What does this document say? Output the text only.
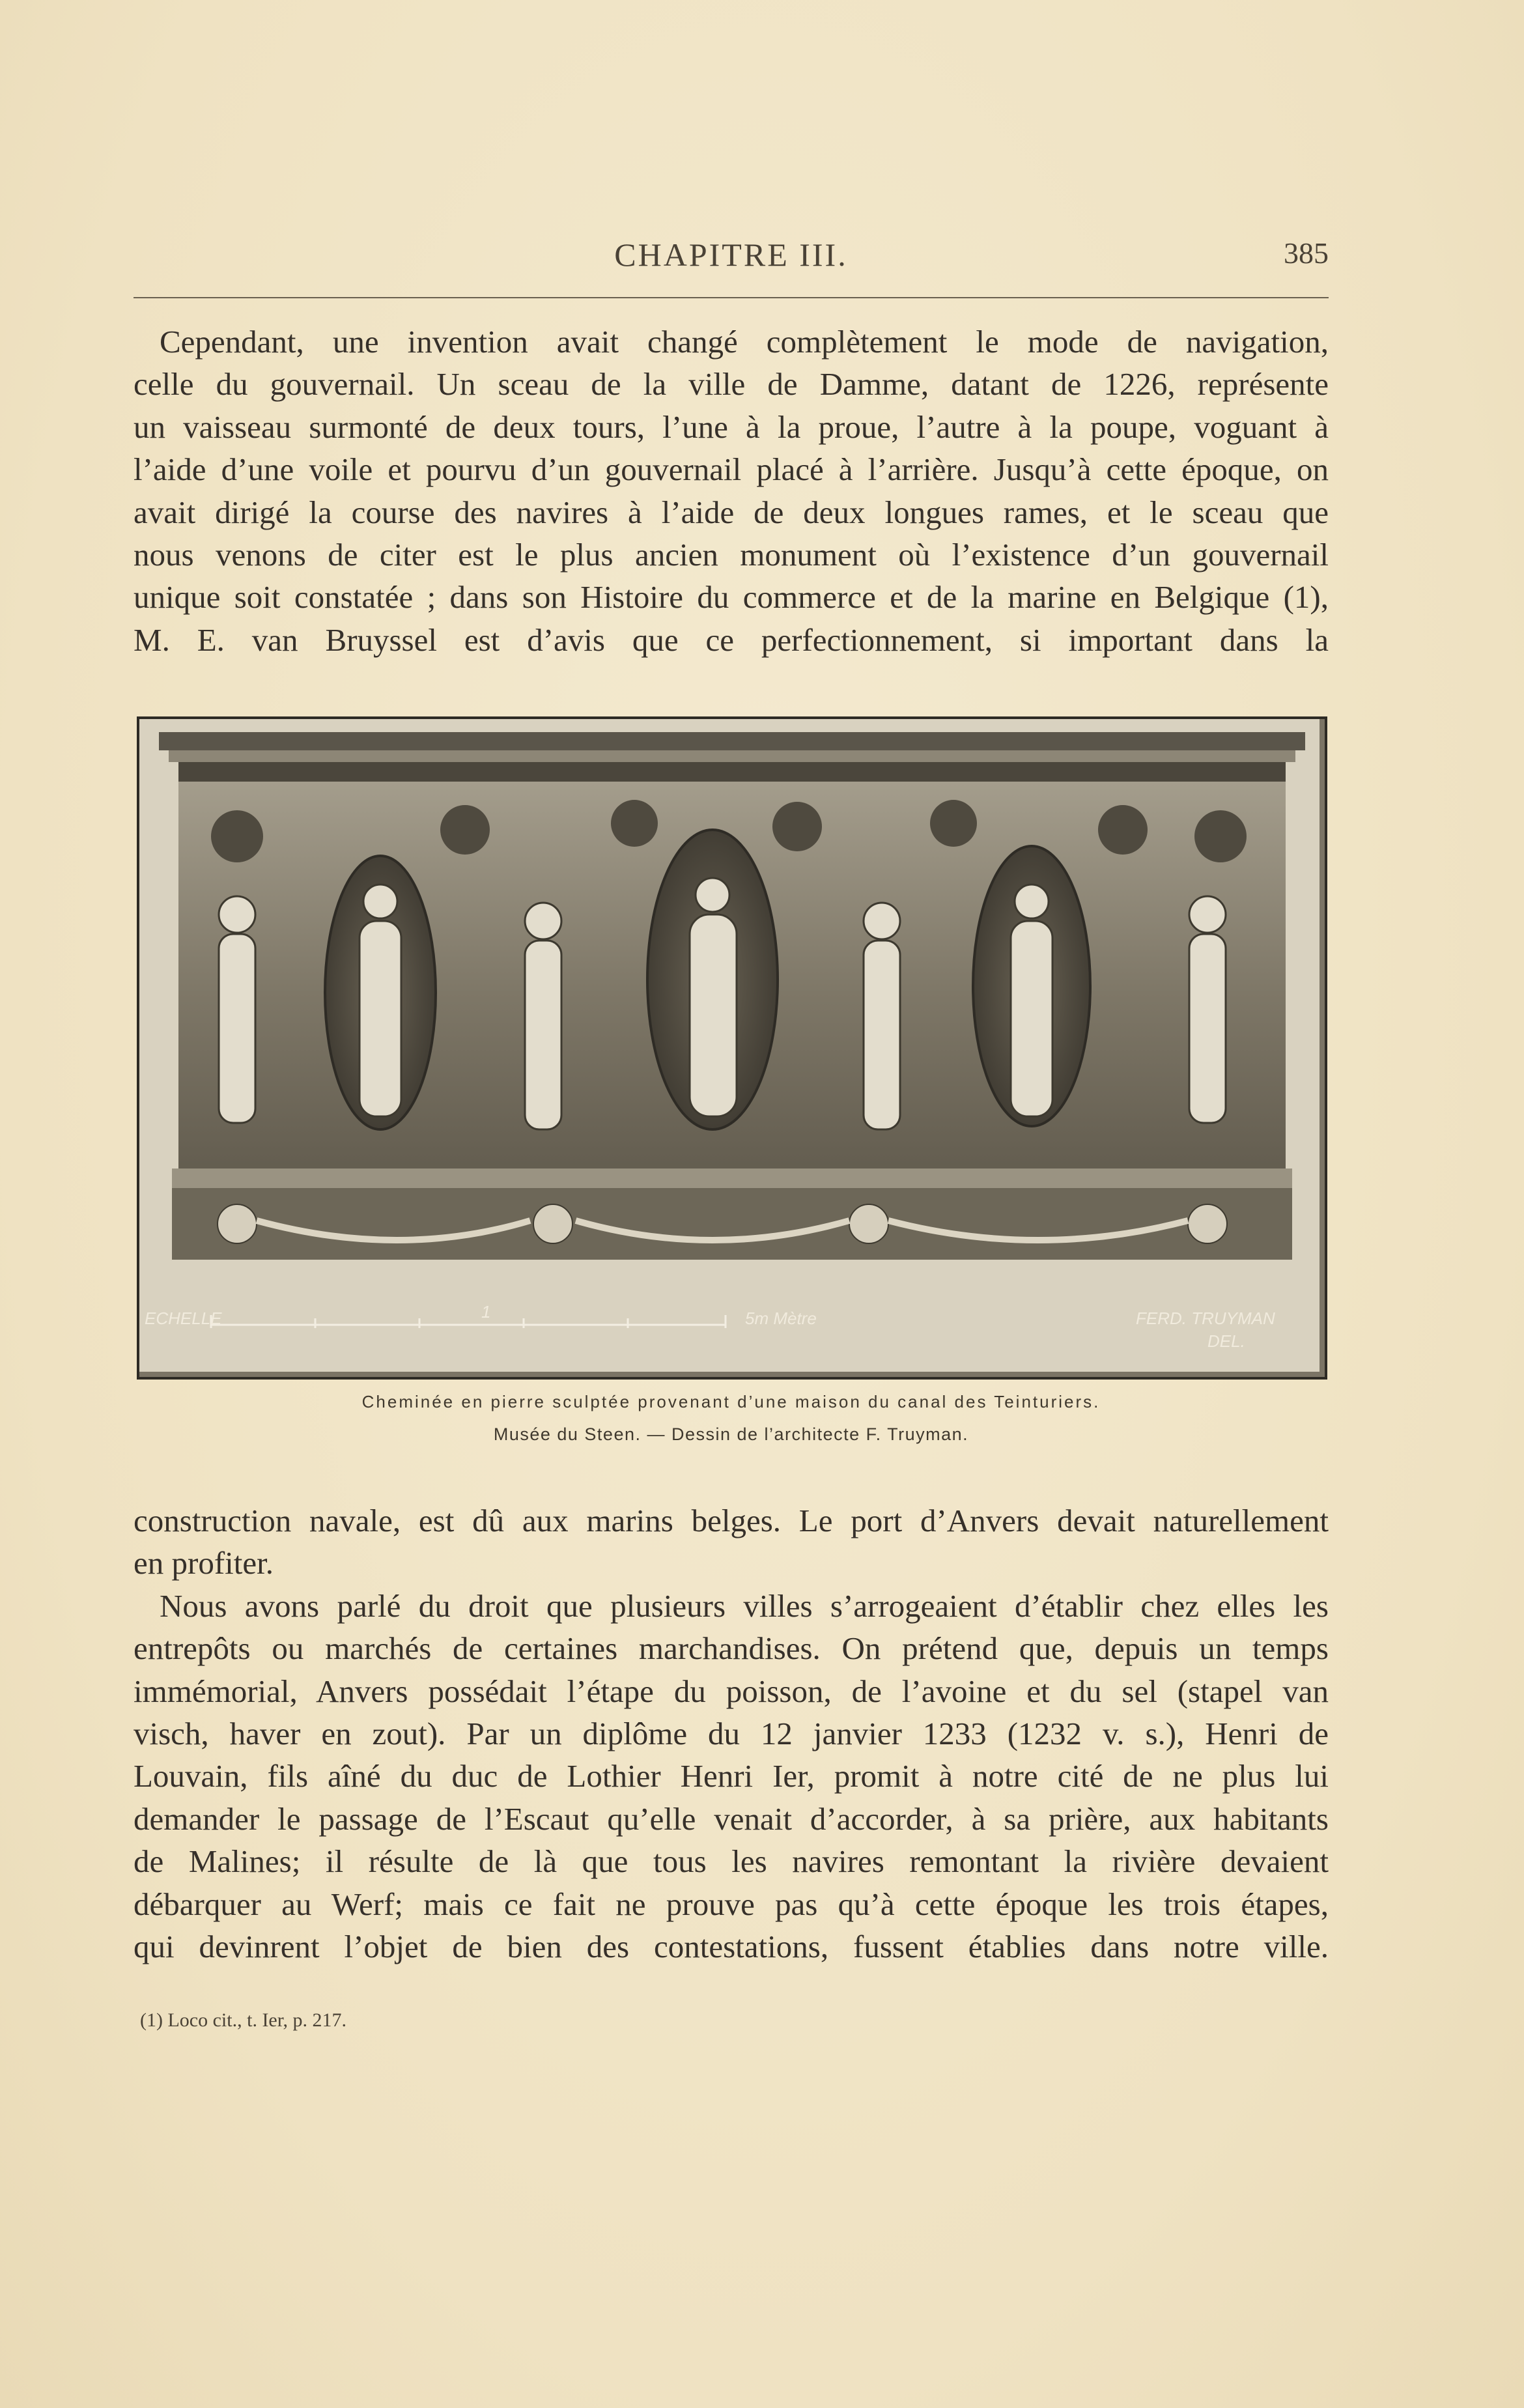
CHAPITRE III.	385
Cependant, une invention avait changé complètement le mode de navigation,
celle du gouvernail. Un sceau de la ville de Damme, datant de 1226, représente
un vaisseau surmonté de deux tours, l’une à la proue, l’autre à la poupe, voguant à
l’aide d’une voile et pourvu d’un gouvernail placé à l’arrière. Jusqu’à cette époque, on
avait dirigé la course des navires à l’aide de deux longues rames, et le sceau que
nous venons de citer est le plus ancien monument où l’existence d’un gouvernail
unique soit constatée ; dans son Histoire du commerce et de la marine en Belgique (1),
M. E. van Bruyssel est d’avis que ce perfectionnement, si important dans la
ECHELLE	1	5m Mètre	FERD. TRUYMAN
DEL.
Cheminée en pierre sculptée provenant d’une maison du canal des Teinturiers.
Musée du Steen. — Dessin de l’architecte F. Truyman.
construction navale, est dû aux marins belges. Le port d’Anvers devait naturellement
en profiter.
Nous avons parlé du droit que plusieurs villes s’arrogeaient d’établir chez elles les
entrepôts ou marchés de certaines marchandises. On prétend que, depuis un temps
immémorial, Anvers possédait l’étape du poisson, de l’avoine et du sel (stapel van
visch, haver en zout). Par un diplôme du 12 janvier 1233 (1232 v. s.), Henri de
Louvain, fils aîné du duc de Lothier Henri Ier, promit à notre cité de ne plus lui
demander le passage de l’Escaut qu’elle venait d’accorder, à sa prière, aux habitants
de Malines; il résulte de là que tous les navires remontant la rivière devaient
débarquer au Werf; mais ce fait ne prouve pas qu’à cette époque les trois étapes,
qui devinrent l’objet de bien des contestations, fussent établies dans notre ville.
(1) Loco cit., t. Ier, p. 217.
